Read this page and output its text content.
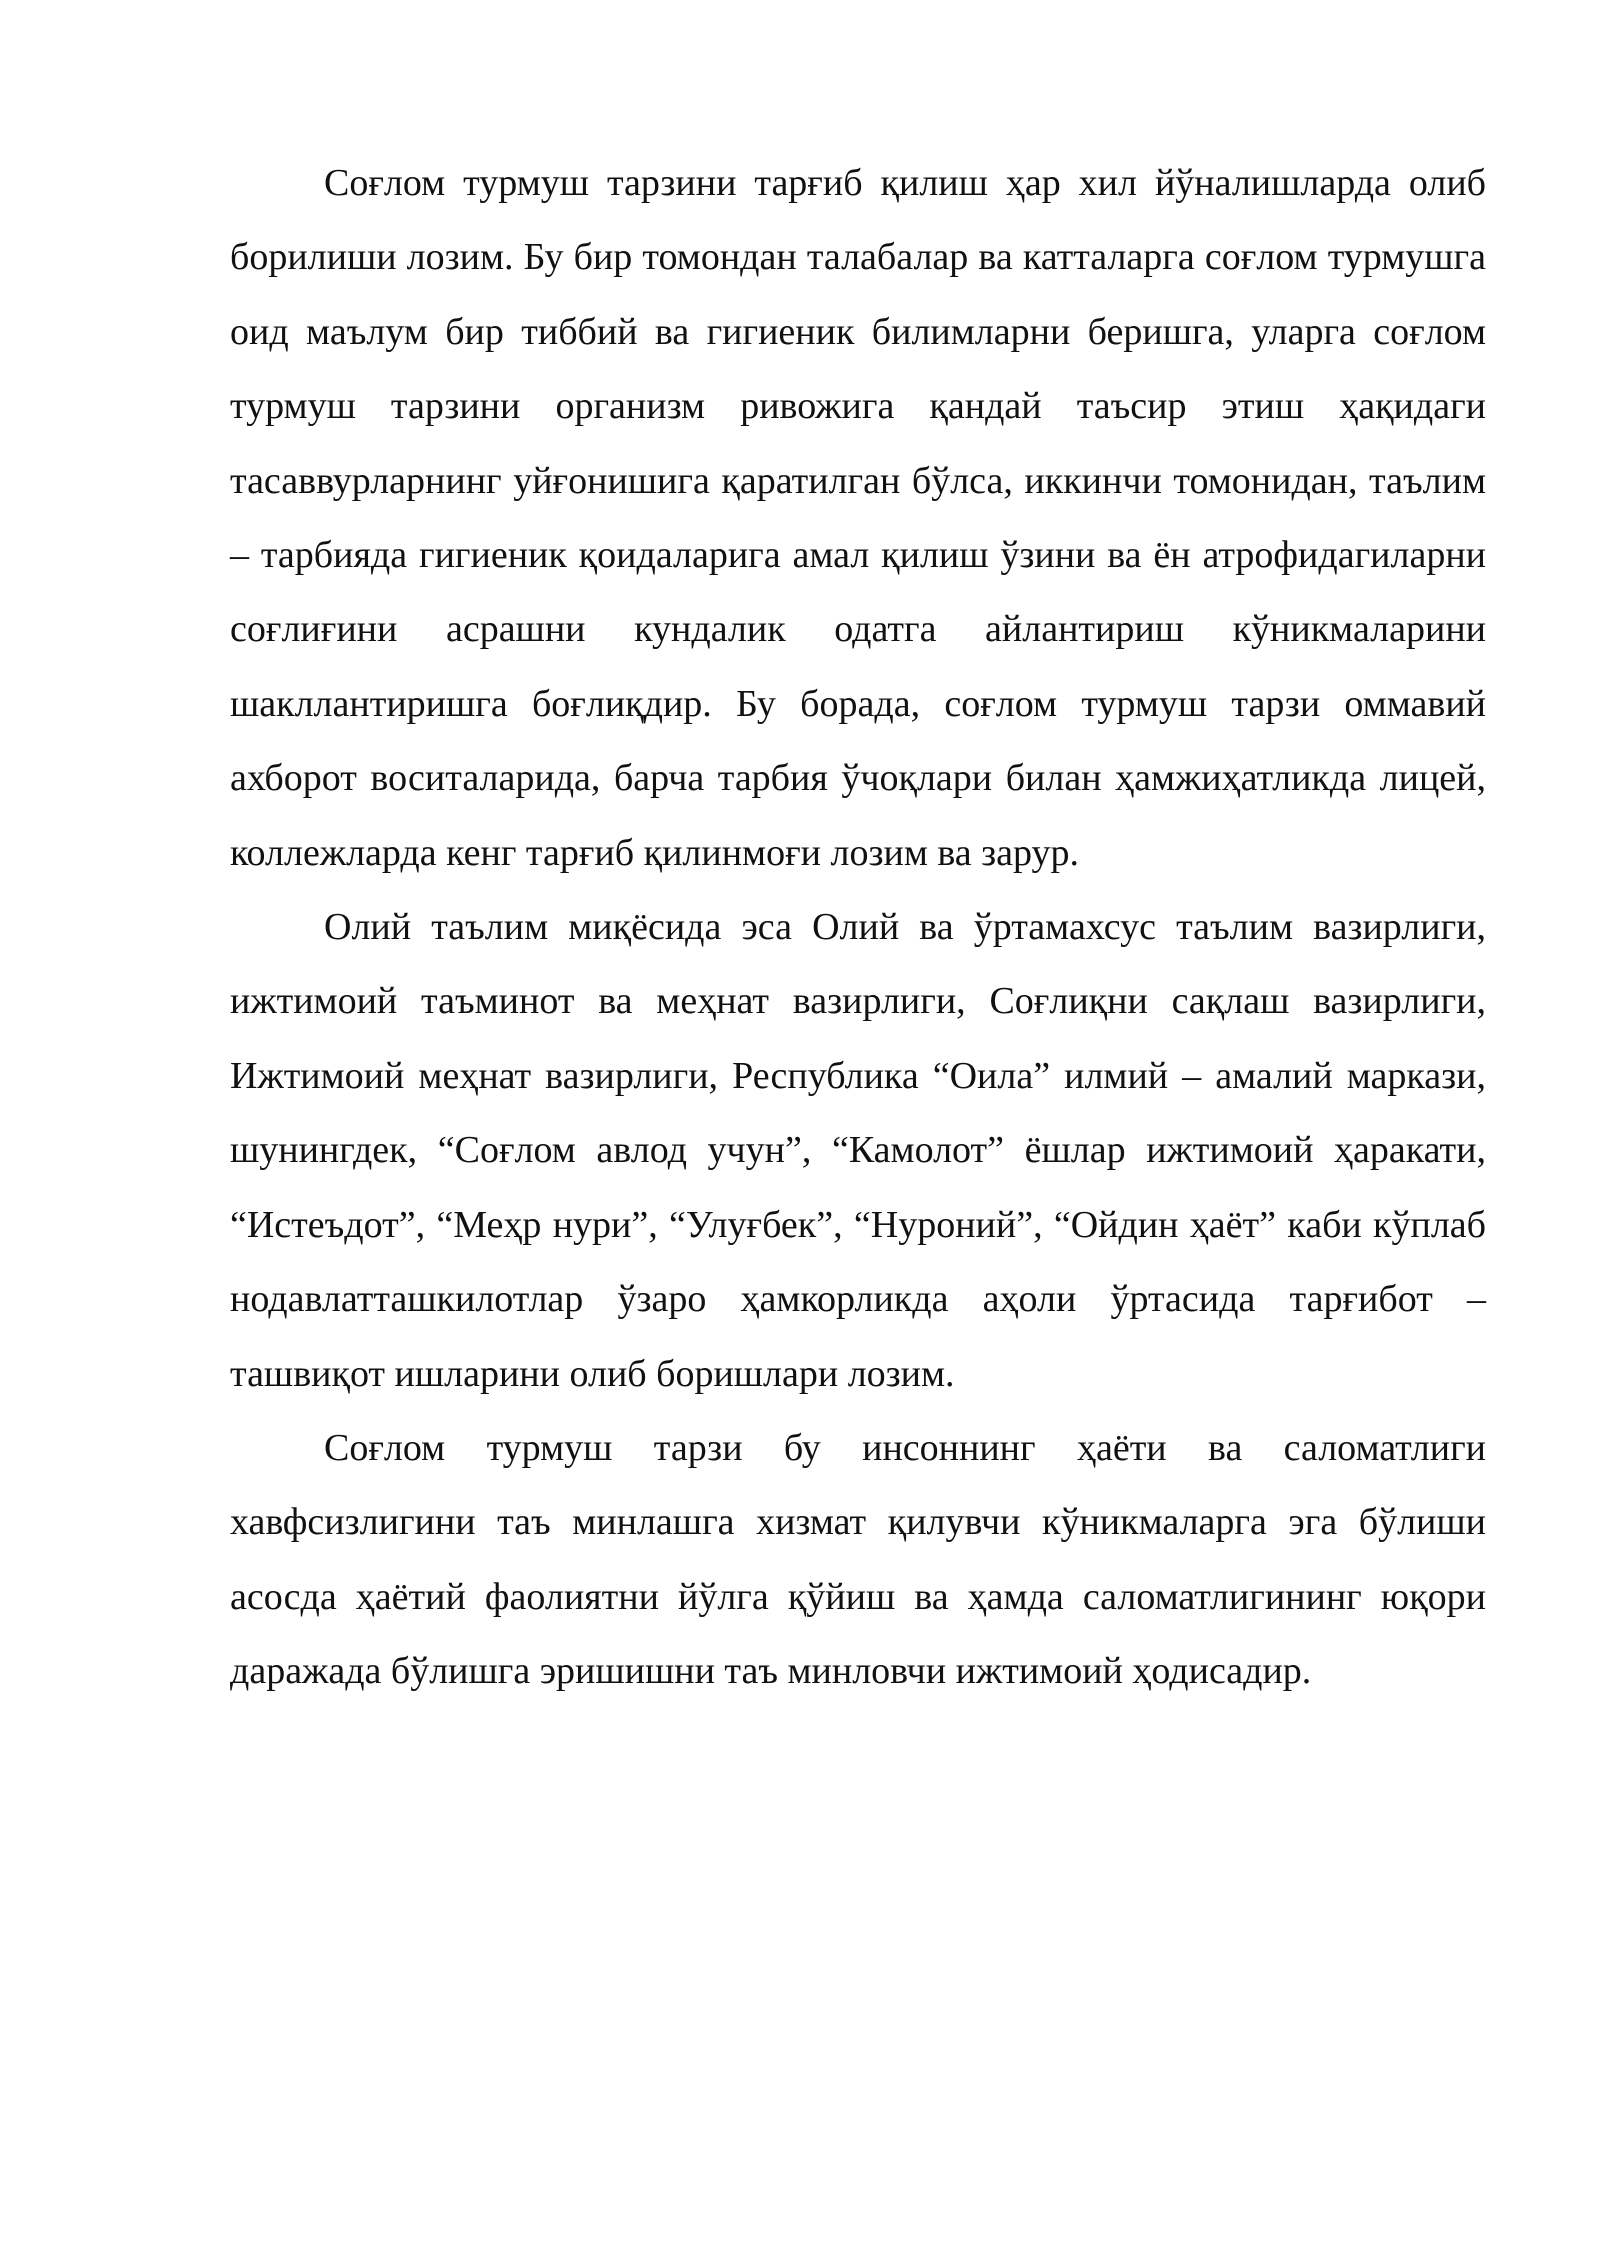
Соғлом турмуш тарзини тарғиб қилиш ҳар хил йўналишларда олиб борилиши лозим. Бу бир томондан талабалар ва катталарга соғлом турмушга оид маълум бир тиббий ва гигиеник билимларни беришга, уларга соғлом турмуш тарзини организм ривожига қандай таъсир этиш ҳақидаги тасаввурларнинг уйғонишига қаратилган бўлса, иккинчи томонидан, таълим – тарбияда гигиеник қоидаларига амал қилиш ўзини ва ён атрофидагиларни соғлиғини асрашни кундалик одатга айлантириш кўникмаларини шакллантиришга боғлиқдир. Бу борада, соғлом турмуш тарзи оммавий ахборот воситаларида, барча тарбия ўчоқлари билан ҳамжиҳатликда лицей, коллежларда кенг тарғиб қилинмоғи лозим ва зарур.

Олий таълим миқёсида эса Олий ва ўртамахсус таълим вазирлиги, ижтимоий таъминот ва меҳнат вазирлиги, Соғлиқни сақлаш вазирлиги, Ижтимоий меҳнат вазирлиги, Республика “Оила” илмий – амалий маркази, шунингдек, “Соғлом авлод учун”, “Камолот” ёшлар ижтимоий ҳаракати, “Истеъдот”, “Меҳр нури”, “Улуғбек”, “Нуроний”, “Ойдин ҳаёт” каби кўплаб нодавлатташкилотлар ўзаро ҳамкорликда аҳоли ўртасида тарғибот – ташвиқот ишларини олиб боришлари лозим.

Соғлом турмуш тарзи бу инсоннинг ҳаёти ва саломатлиги хавфсизлигини таъ минлашга хизмат қилувчи кўникмаларга эга бўлиши асосда ҳаётий фаолиятни йўлга қўйиш ва ҳамда саломатлигининг юқори даражада бўлишга эришишни таъ минловчи ижтимоий ҳодисадир.
